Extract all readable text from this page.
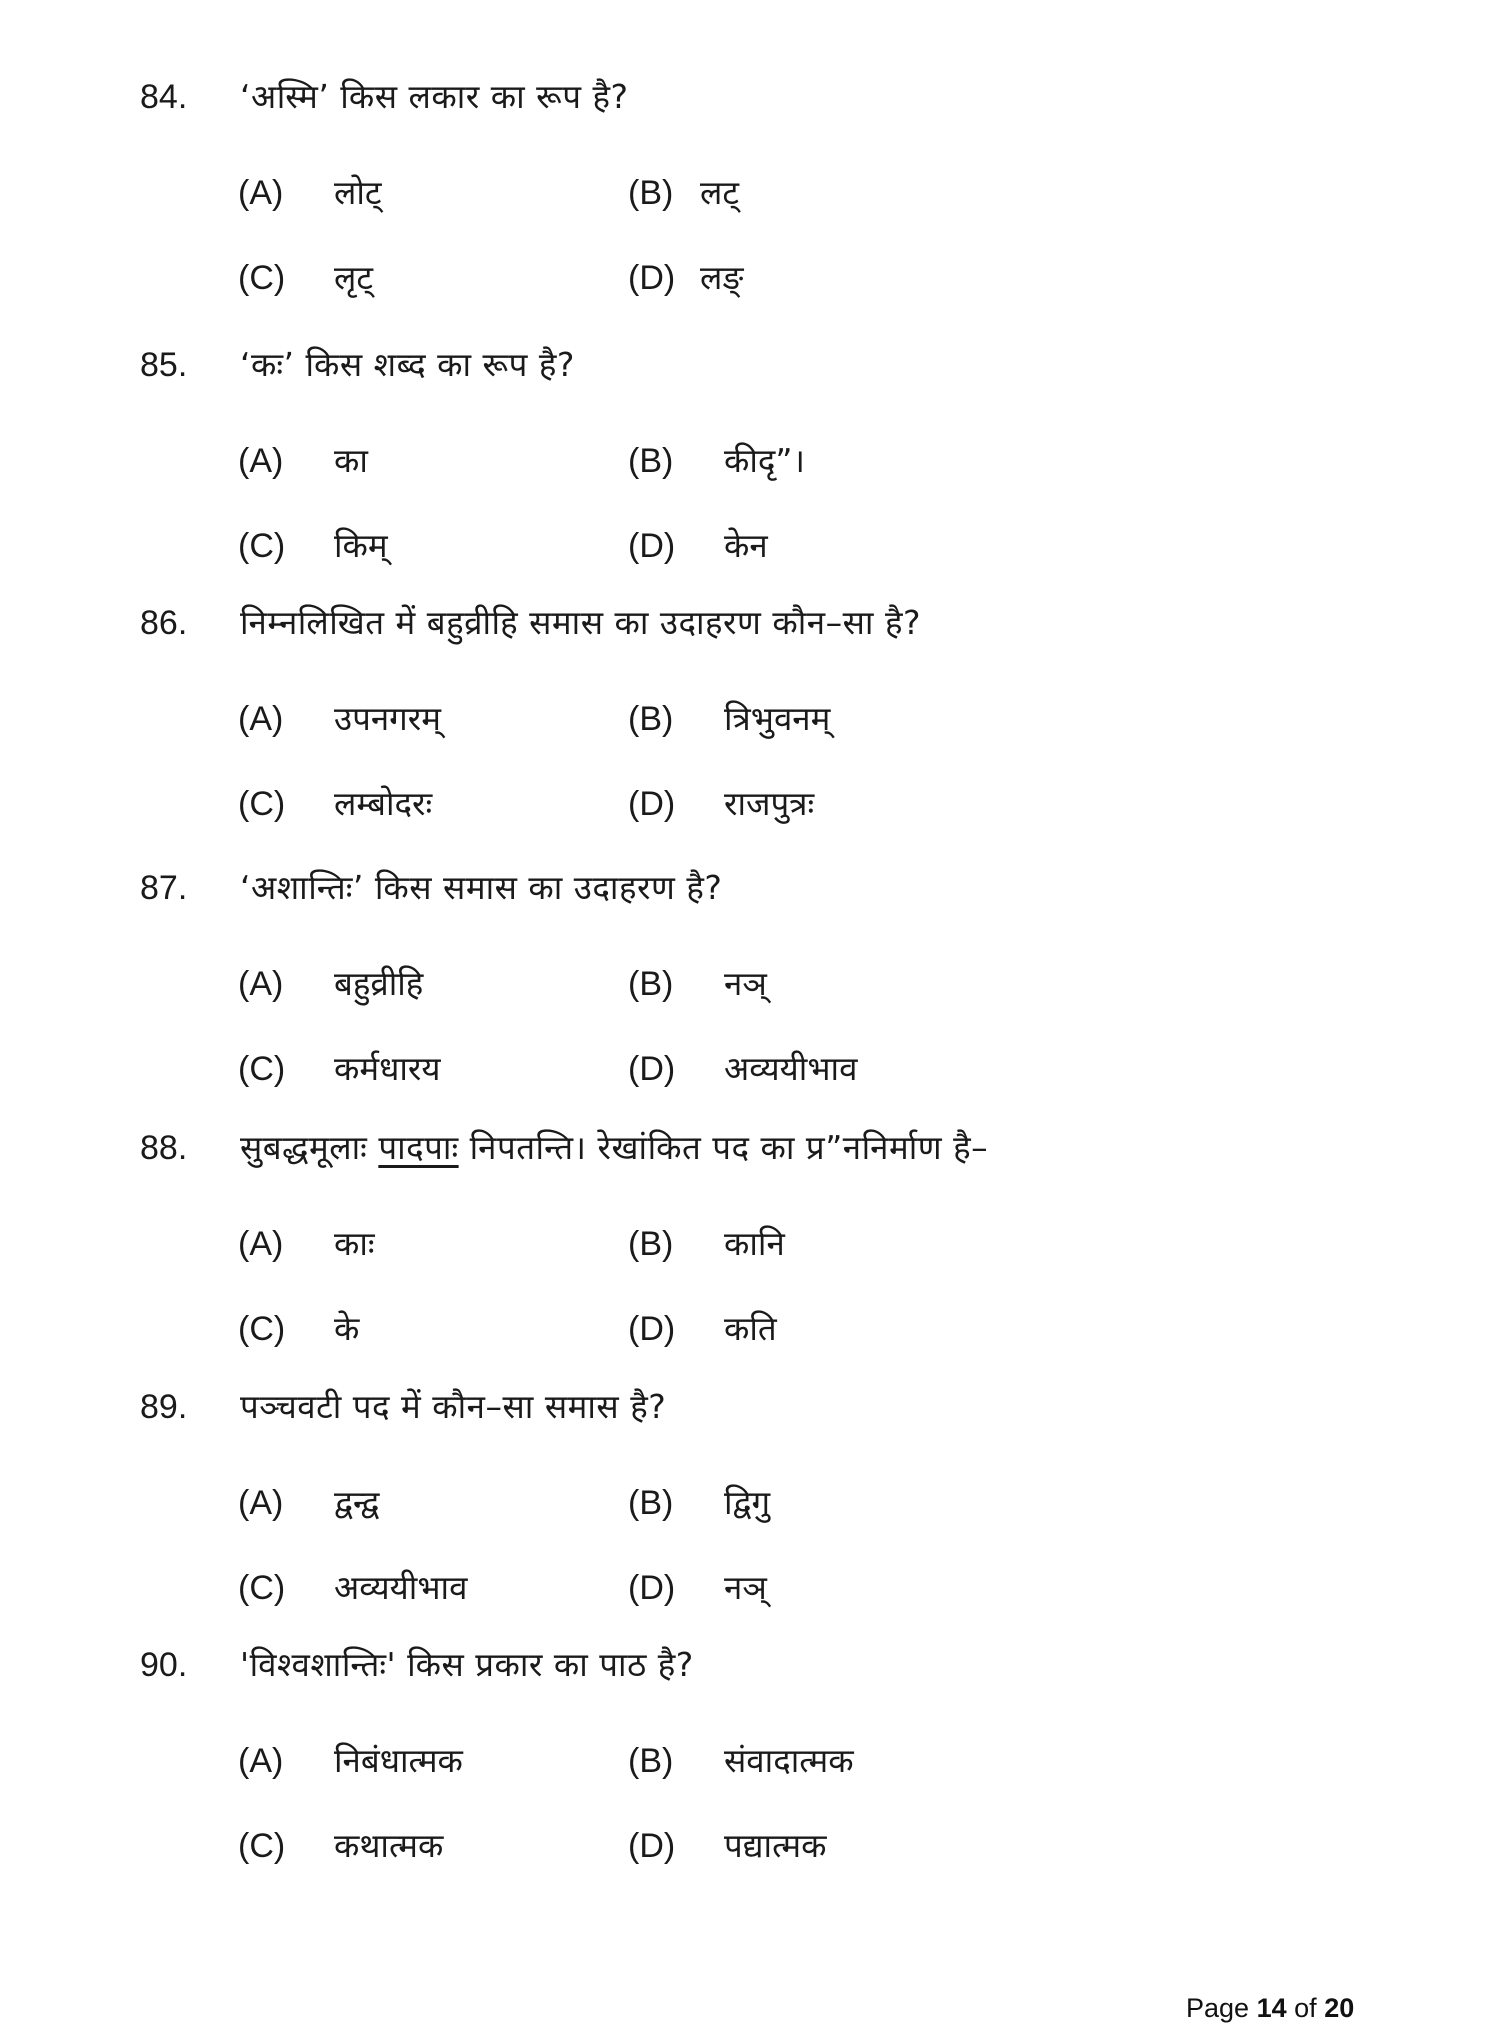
84. ‘अस्मि’ किस लकार का रूप है?
(A) लोट्	(B) लट्
(C) लृट्	(D) लङ्
85. ‘कः’ किस शब्द का रूप है?
(A) का	(B) कीदृ”।
(C) किम्	(D) केन
86. निम्नलिखित में बहुव्रीहि समास का उदाहरण कौन–सा है?
(A) उपनगरम्	(B) त्रिभुवनम्
(C) लम्बोदरः	(D) राजपुत्रः
87. ‘अशान्तिः’ किस समास का उदाहरण है?
(A) बहुव्रीहि	(B) नञ्
(C) कर्मधारय	(D) अव्ययीभाव
88. सुबद्धमूलाः पादपाः निपतन्ति। रेखांकित पद का प्र”ननिर्माण है–
(A) काः	(B) कानि
(C) के	(D) कति
89. पञ्चवटी पद में कौन–सा समास है?
(A) द्वन्द्व	(B) द्विगु
(C) अव्ययीभाव	(D) नञ्
90. 'विश्वशान्तिः' किस प्रकार का पाठ है?
(A) निबंधात्मक	(B) संवादात्मक
(C) कथात्मक	(D) पद्यात्मक
Page 14 of 20
